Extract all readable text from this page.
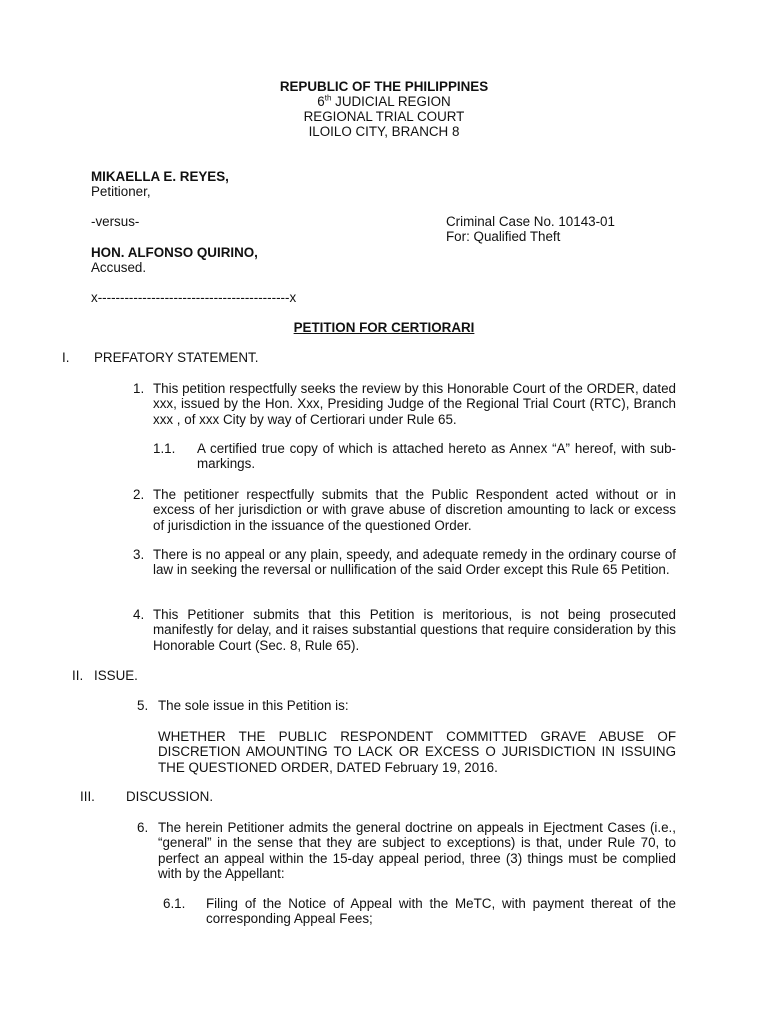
REPUBLIC OF THE PHILIPPINES
6th JUDICIAL REGION
REGIONAL TRIAL COURT
ILOILO CITY, BRANCH 8
MIKAELLA E. REYES,
Petitioner,
-versus-	Criminal Case No. 10143-01
For: Qualified Theft
HON. ALFONSO QUIRINO,
Accused.
x-------------------------------------------x
PETITION FOR CERTIORARI
I. PREFATORY STATEMENT.
1. This petition respectfully seeks the review by this Honorable Court of the ORDER, dated xxx, issued by the Hon. Xxx, Presiding Judge of the Regional Trial Court (RTC), Branch xxx , of xxx City by way of Certiorari under Rule 65.
1.1. A certified true copy of which is attached hereto as Annex “A” hereof, with sub-markings.
2. The petitioner respectfully submits that the Public Respondent acted without or in excess of her jurisdiction or with grave abuse of discretion amounting to lack or excess of jurisdiction in the issuance of the questioned Order.
3. There is no appeal or any plain, speedy, and adequate remedy in the ordinary course of law in seeking the reversal or nullification of the said Order except this Rule 65 Petition.
4. This Petitioner submits that this Petition is meritorious, is not being prosecuted manifestly for delay, and it raises substantial questions that require consideration by this Honorable Court (Sec. 8, Rule 65).
II. ISSUE.
5. The sole issue in this Petition is:
WHETHER THE PUBLIC RESPONDENT COMMITTED GRAVE ABUSE OF DISCRETION AMOUNTING TO LACK OR EXCESS O JURISDICTION IN ISSUING THE QUESTIONED ORDER, DATED February 19, 2016.
III. DISCUSSION.
6. The herein Petitioner admits the general doctrine on appeals in Ejectment Cases (i.e., “general” in the sense that they are subject to exceptions) is that, under Rule 70, to perfect an appeal within the 15-day appeal period, three (3) things must be complied with by the Appellant:
6.1. Filing of the Notice of Appeal with the MeTC, with payment thereat of the corresponding Appeal Fees;
